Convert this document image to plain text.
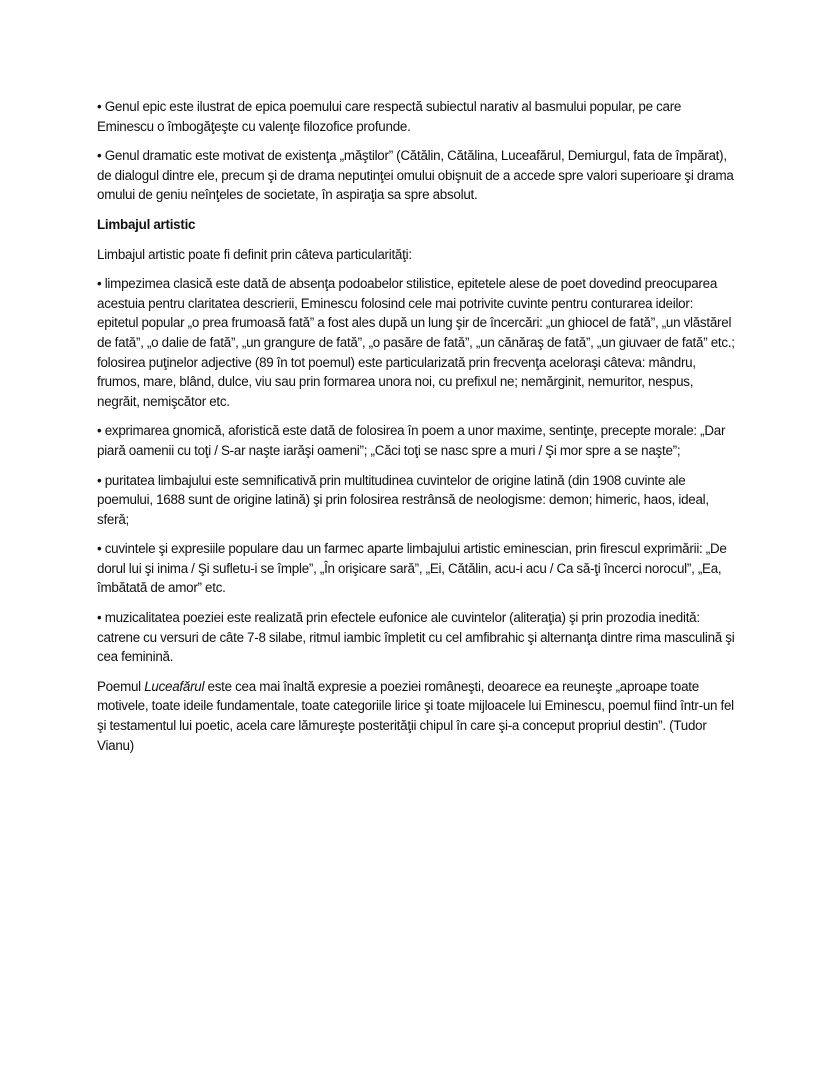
• Genul epic este ilustrat de epica poemului care respectă subiectul narativ al basmului popular, pe care Eminescu o îmbogăţeşte cu valenţe filozofice profunde.

• Genul dramatic este motivat de existenţa „măştilor” (Cătălin, Cătălina, Luceafărul, Demiurgul, fata de împărat), de dialogul dintre ele, precum şi de drama neputinţei omului obişnuit de a accede spre valori superioare şi drama omului de geniu neînţeles de societate, în aspiraţia sa spre absolut.

Limbajul artistic

Limbajul artistic poate fi definit prin câteva particularităţi:

• limpezimea clasică este dată de absenţa podoabelor stilistice, epitetele alese de poet dovedind preocuparea acestuia pentru claritatea descrierii, Eminescu folosind cele mai potrivite cuvinte pentru conturarea ideilor: epitetul popular „o prea frumoasă fată” a fost ales după un lung şir de încercări: „un ghiocel de fată”, „un vlăstărel de fată”, „o dalie de fată”, „un grangure de fată”, „o pasăre de fată”, „un cănăraş de fată”, „un giuvaer de fată” etc.; folosirea puţinelor adjective (89 în tot poemul) este particularizată prin frecvenţa aceloraşi câteva: mândru, frumos, mare, blând, dulce, viu sau prin formarea unora noi, cu prefixul ne; nemărginit, nemuritor, nespus, negrăit, nemişcător etc.

• exprimarea gnomică, aforistică este dată de folosirea în poem a unor maxime, sentinţe, precepte morale: „Dar piară oamenii cu toţi / S-ar naşte iarăşi oameni”; „Căci toţi se nasc spre a muri / Şi mor spre a se naşte”;

• puritatea limbajului este semnificativă prin multitudinea cuvintelor de origine latină (din 1908 cuvinte ale poemului, 1688 sunt de origine latină) şi prin folosirea restrânsă de neologisme: demon; himeric, haos, ideal, sferă;

• cuvintele şi expresiile populare dau un farmec aparte limbajului artistic eminescian, prin firescul exprimării: „De dorul lui şi inima / Şi sufletu-i se împle”, „În orişicare sară”, „Ei, Cătălin, acu-i acu / Ca să-ţi încerci norocul”, „Ea, îmbătată de amor” etc.

• muzicalitatea poeziei este realizată prin efectele eufonice ale cuvintelor (aliteraţia) şi prin prozodia inedită: catrene cu versuri de câte 7-8 silabe, ritmul iambic împletit cu cel amfibrahic şi alternanţa dintre rima masculină şi cea feminină.

Poemul Luceafărul este cea mai înaltă expresie a poeziei româneşti, deoarece ea reuneşte „aproape toate motivele, toate ideile fundamentale, toate categoriile lirice şi toate mijloacele lui Eminescu, poemul fiind într-un fel şi testamentul lui poetic, acela care lămureşte posterităţii chipul în care şi-a conceput propriul destin”. (Tudor Vianu)
